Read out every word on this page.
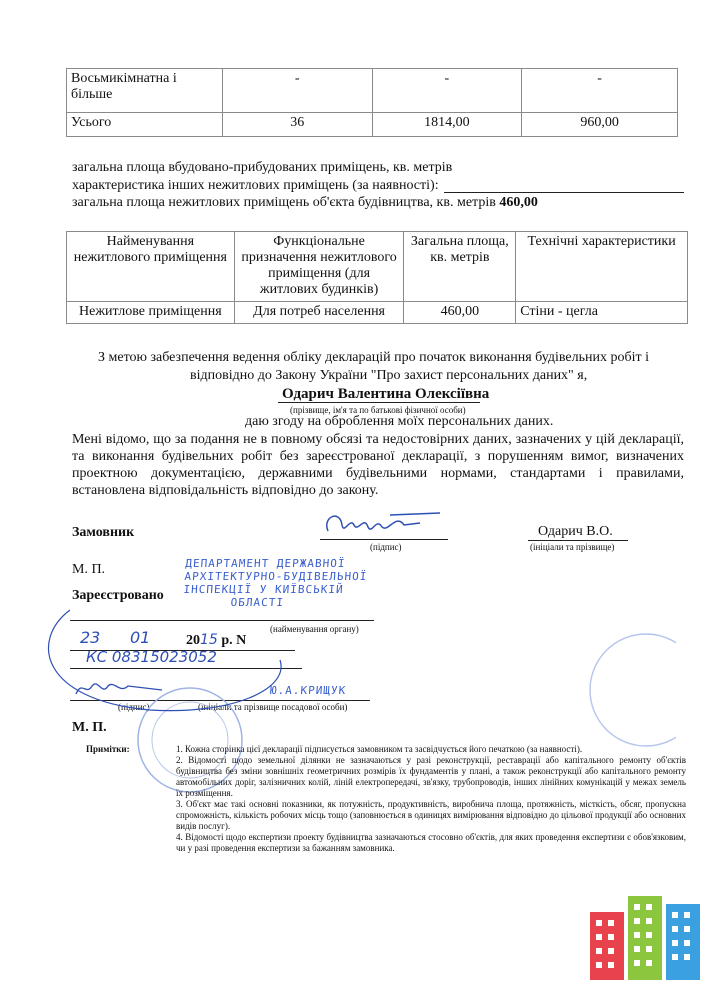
Восьмикімнатна і більше	-	-	-
Усього	36	1814,00	960,00
загальна площа вбудовано-прибудованих приміщень, кв. метрів
характеристика інших нежитлових приміщень (за наявності):
загальна площа нежитлових приміщень об'єкта будівництва, кв. метрів 460,00
Найменування нежитлового приміщення	Функціональне призначення нежитлового приміщення (для житлових будинків)	Загальна площа, кв. метрів	Технічні характеристики
Нежитлове приміщення	Для потреб населення	460,00	Стіни - цегла
З метою забезпечення ведення обліку декларацій про початок виконання будівельних робіт і
відповідно до Закону України "Про захист персональних даних" я,
Одарич Валентина Олексіївна
(прізвище, ім'я та по батькові фізичної особи)
даю згоду на оброблення моїх персональних даних.
Мені відомо, що за подання не в повному обсязі та недостовірних даних, зазначених у цій декларації, та виконання будівельних робіт без зареєстрованої декларації, з порушенням вимог, визначених проектною документацією, державними будівельними нормами, стандартами і правилами, встановлена відповідальність відповідно до закону.
Замовник
(підпис)
Одарич В.О.
(ініціали та прізвище)
ДЕПАРТАМЕНТ ДЕРЖАВНОЇ
АРХІТЕКТУРНО-БУДІВЕЛЬНОЇ
ІНСПЕКЦІЇ У КИЇВСЬКІЙ
ОБЛАСТІ
М. П.
Зареєстровано
(найменування органу)
23 01	2015 р. N
КС 08315023052
Ю.А.КРИЩУК
(підпис)	(ініціали та прізвище посадової особи)
М. П.
Примітки:	1. Кожна сторінка цієї декларації підписується замовником та засвідчується його печаткою (за наявності).
2. Відомості щодо земельної ділянки не зазначаються у разі реконструкції, реставрації або капітального ремонту об'єктів будівництва без зміни зовнішніх геометричних розмірів їх фундаментів у плані, а також реконструкції або капітального ремонту автомобільних доріг, залізничних колій, ліній електропередачі, зв'язку, трубопроводів, інших лінійних комунікацій у межах земель їх розміщення.
3. Об'єкт має такі основні показники, як потужність, продуктивність, виробнича площа, протяжність, місткість, обсяг, пропускна спроможність, кількість робочих місць тощо (заповнюється в одиницях вимірювання відповідно до цільової продукції або основних видів послуг).
4. Відомості щодо експертизи проекту будівництва зазначаються стосовно об'єктів, для яких проведення експертизи є обов'язковим, чи у разі проведення експертизи за бажанням замовника.
